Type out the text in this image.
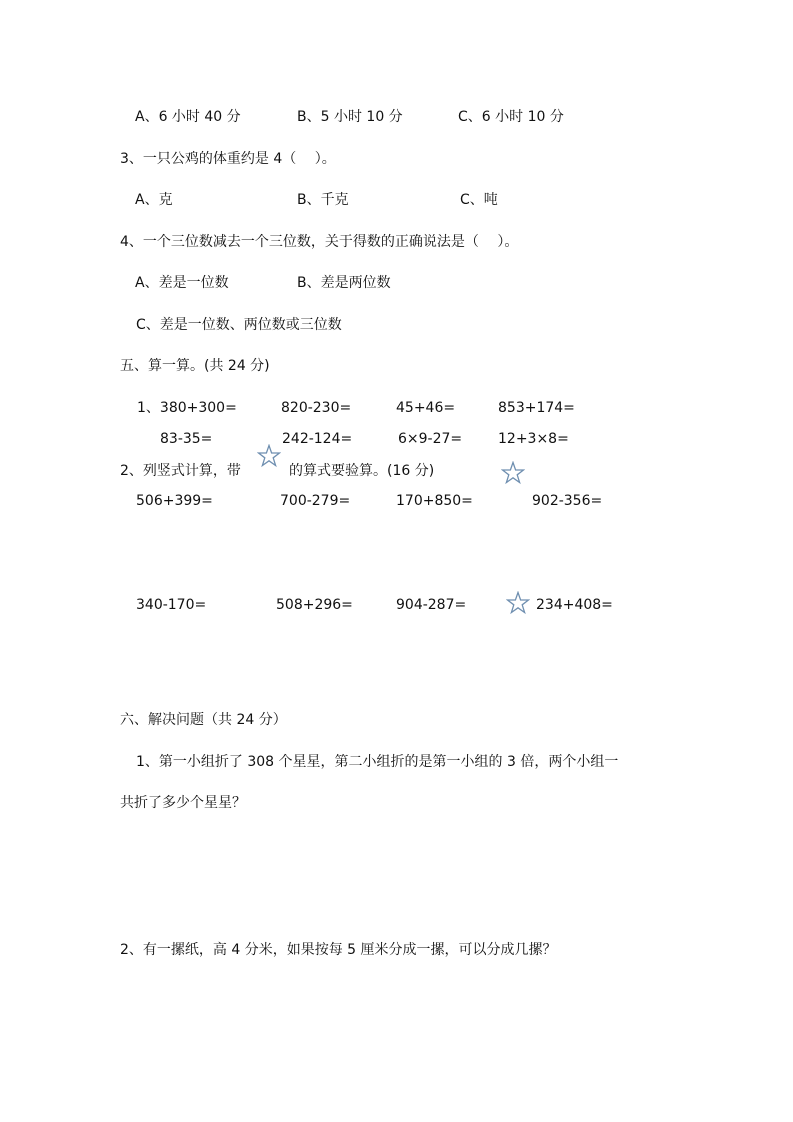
A、6 小时 40 分	B、5 小时 10 分	C、6 小时 10 分
3、一只公鸡的体重约是 4（　 ）。
A、克	B、千克	C、吨
4、一个三位数减去一个三位数，关于得数的正确说法是（　 ）。
A、差是一位数	B、差是两位数
C、差是一位数、两位数或三位数
五、算一算。(共 24 分)
1、380+300=	820-230=	45+46=	853+174=
83-35=	242-124=	6×9-27=	12+3×8=
2、列竖式计算，带	的算式要验算。(16 分)
506+399=	700-279=	170+850=	902-356=
340-170=	508+296=	904-287=	234+408=
六、解决问题（共 24 分）
1、第一小组折了 308 个星星，第二小组折的是第一小组的 3 倍，两个小组一
共折了多少个星星？
2、有一摞纸，高 4 分米，如果按每 5 厘米分成一摞，可以分成几摞？
